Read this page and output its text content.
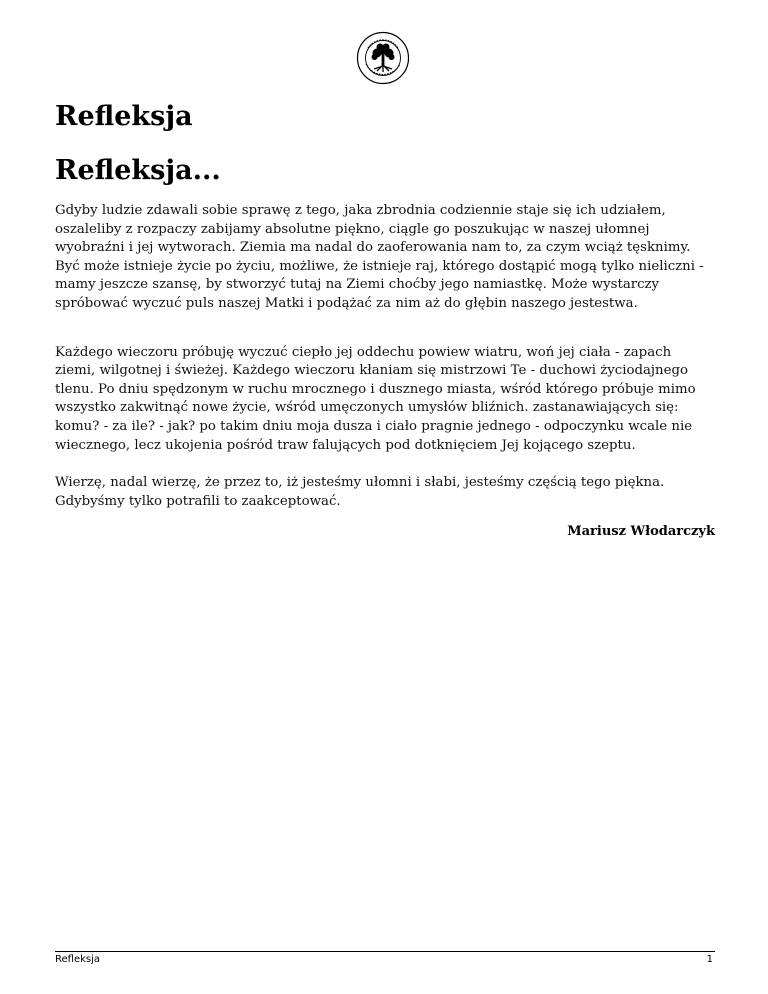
Refleksja
Refleksja...

Gdyby ludzie zdawali sobie sprawę z tego, jaka zbrodnia codziennie staje się ich udziałem, oszaleliby z rozpaczy zabijamy absolutne piękno, ciągle go poszukując w naszej ułomnej wyobraźni i jej wytworach. Ziemia ma nadal do zaoferowania nam to, za czym wciąż tęsknimy. Być może istnieje życie po życiu, możliwe, że istnieje raj, którego dostąpić mogą tylko nieliczni - mamy jeszcze szansę, by stworzyć tutaj na Ziemi choćby jego namiastkę. Może wystarczy spróbować wyczuć puls naszej Matki i podążać za nim aż do głębin naszego jestestwa.

Każdego wieczoru próbuję wyczuć ciepło jej oddechu powiew wiatru, woń jej ciała - zapach ziemi, wilgotnej i świeżej. Każdego wieczoru kłaniam się mistrzowi Te - duchowi życiodajnego tlenu. Po dniu spędzonym w ruchu mrocznego i dusznego miasta, wśród którego próbuje mimo wszystko zakwitnąć nowe życie, wśród umęczonych umysłów bliźnich. zastanawiających się: komu? - za ile? - jak? po takim dniu moja dusza i ciało pragnie jednego - odpoczynku wcale nie wiecznego, lecz ukojenia pośród traw falujących pod dotknięciem Jej kojącego szeptu.

Wierzę, nadal wierzę, że przez to, iż jesteśmy ułomni i słabi, jesteśmy częścią tego piękna. Gdybyśmy tylko potrafili to zaakceptować.

Mariusz Włodarczyk
Refleksja	1
